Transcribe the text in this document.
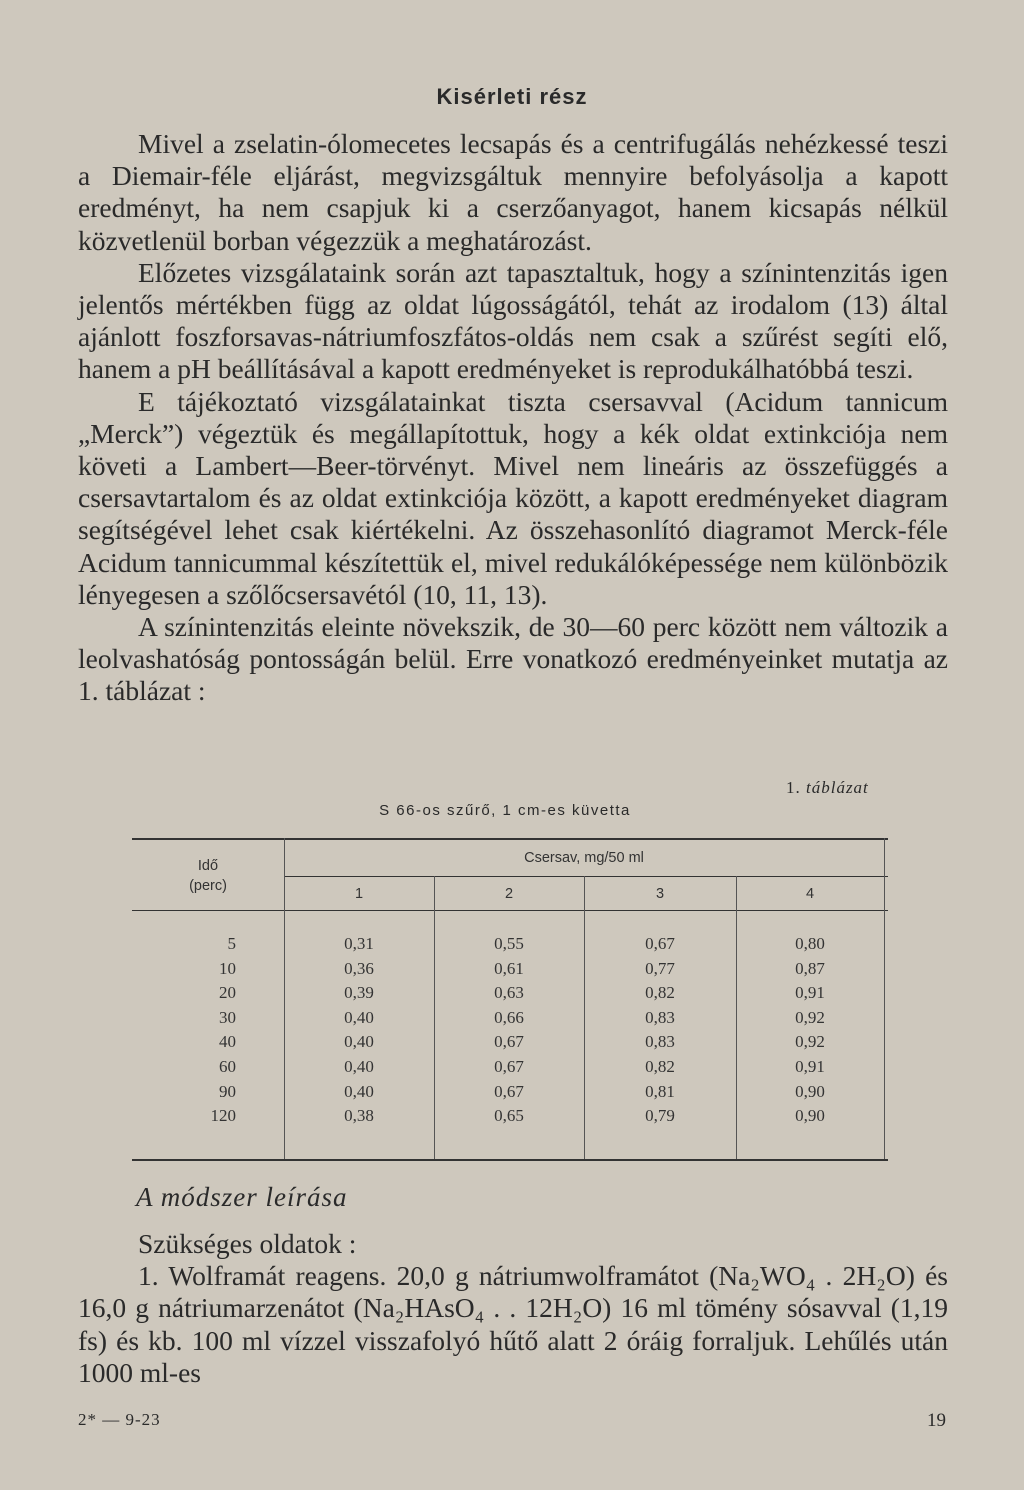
Kisérleti rész

Mivel a zselatin-ólomecetes lecsapás és a centrifugálás nehézkessé teszi a Diemair-féle eljárást, megvizsgáltuk mennyire befolyásolja a kapott eredményt, ha nem csapjuk ki a cserzőanyagot, hanem kicsapás nélkül közvetlenül borban végezzük a meghatározást.

Előzetes vizsgálataink során azt tapasztaltuk, hogy a színintenzitás igen jelentős mértékben függ az oldat lúgosságától, tehát az irodalom (13) által ajánlott foszforsavas-nátriumfoszfátos-oldás nem csak a szűrést segíti elő, hanem a pH beállításával a kapott eredményeket is reprodukálhatóbbá teszi.

E tájékoztató vizsgálatainkat tiszta csersavval (Acidum tannicum „Merck”) végeztük és megállapítottuk, hogy a kék oldat extinkciója nem követi a Lambert—Beer-törvényt. Mivel nem lineáris az összefüggés a csersavtartalom és az oldat extinkciója között, a kapott eredményeket diagram segítségével lehet csak kiértékelni. Az összehasonlító diagramot Merck-féle Acidum tannicummal készítettük el, mivel redukálóképessége nem különbözik lényegesen a szőlőcsersavétól (10, 11, 13).

A színintenzitás eleinte növekszik, de 30—60 perc között nem változik a leolvashatóság pontosságán belül. Erre vonatkozó eredményeinket mutatja az 1. táblázat :

1. táblázat
S 66-os szűrő, 1 cm-es küvetta
Idő
(perc)
Csersav, mg/50 ml
1	2	3	4
5	0,31	0,55	0,67	0,80
10	0,36	0,61	0,77	0,87
20	0,39	0,63	0,82	0,91
30	0,40	0,66	0,83	0,92
40	0,40	0,67	0,83	0,92
60	0,40	0,67	0,82	0,91
90	0,40	0,67	0,81	0,90
120	0,38	0,65	0,79	0,90
A módszer leírása

Szükséges oldatok :

1. Wolframát reagens. 20,0 g nátriumwolframátot (Na₂WO₄ . 2H₂O) és 16,0 g nátriumarzenátot (Na₂HAsO₄ . . 12H₂O) 16 ml tömény sósavval (1,19 fs) és kb. 100 ml vízzel visszafolyó hűtő alatt 2 óráig forraljuk. Lehűlés után 1000 ml-es

2* — 9-23	19
